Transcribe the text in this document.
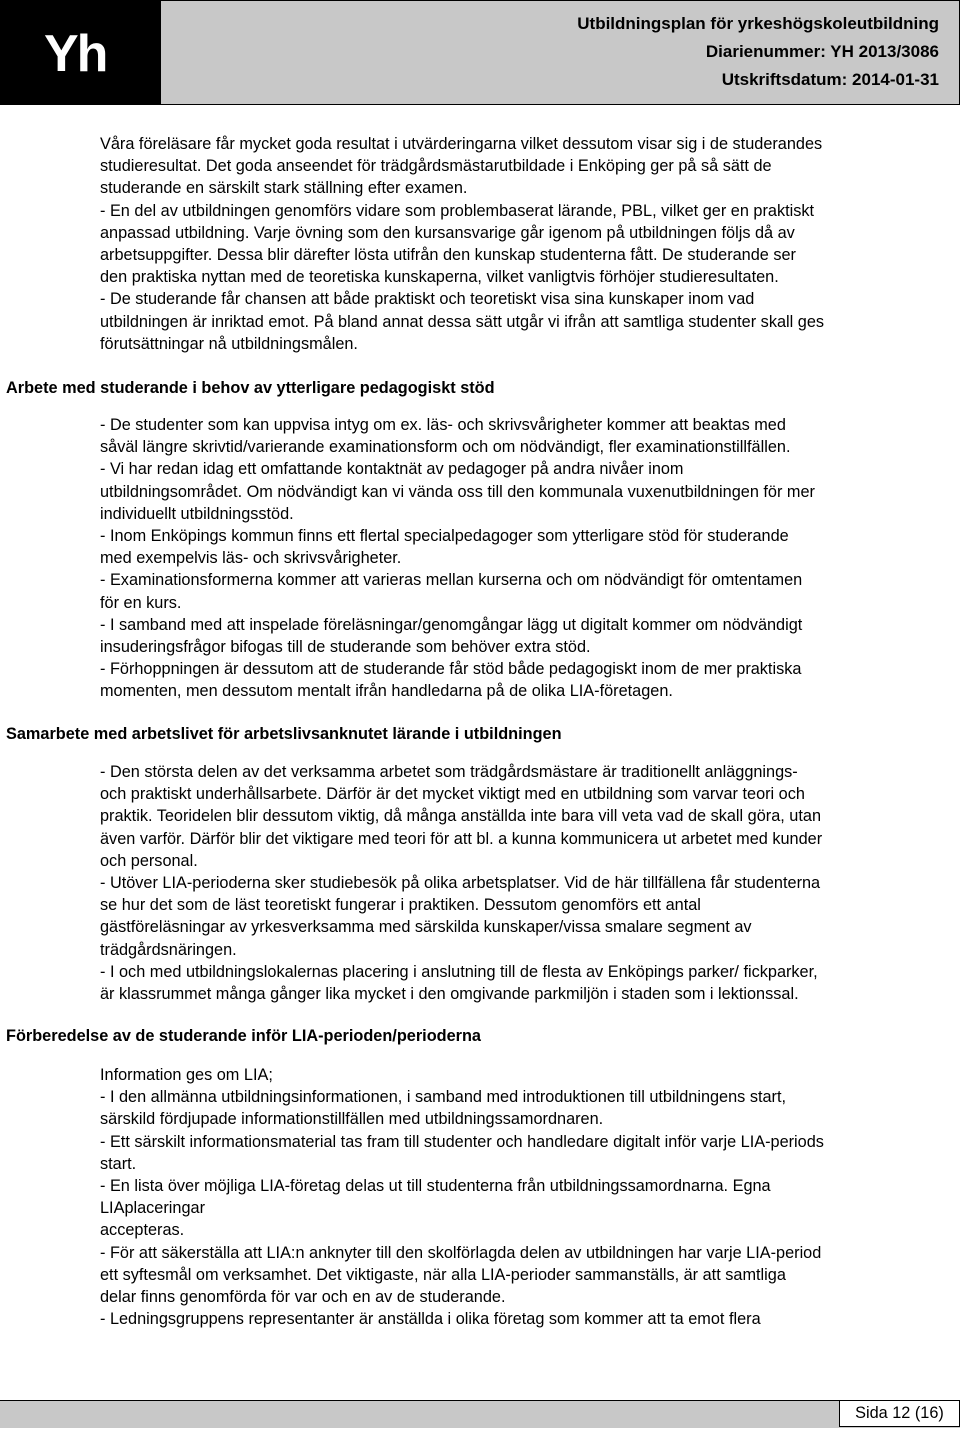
Yh
Utbildningsplan för yrkeshögskoleutbildning
Diarienummer: YH 2013/3086
Utskriftsdatum: 2014-01-31

Våra föreläsare får mycket goda resultat i utvärderingarna vilket dessutom visar sig i de studerandes

studieresultat. Det goda anseendet för trädgårdsmästarutbildade i Enköping ger på så sätt de

studerande en särskilt stark ställning efter examen.

- En del av utbildningen genomförs vidare som problembaserat lärande, PBL, vilket ger en praktiskt

anpassad utbildning. Varje övning som den kursansvarige går igenom på utbildningen följs då av

arbetsuppgifter. Dessa blir därefter lösta utifrån den kunskap studenterna fått. De studerande ser

den praktiska nyttan med de teoretiska kunskaperna, vilket vanligtvis förhöjer studieresultaten.

- De studerande får chansen att både praktiskt och teoretiskt visa sina kunskaper inom vad

utbildningen är inriktad emot. På bland annat dessa sätt utgår vi ifrån att samtliga studenter skall ges

förutsättningar nå utbildningsmålen.

Arbete med studerande i behov av ytterligare pedagogiskt stöd

- De studenter som kan uppvisa intyg om ex. läs- och skrivsvårigheter kommer att beaktas med

såväl längre skrivtid/varierande examinationsform och om nödvändigt, fler examinationstillfällen.

- Vi har redan idag ett omfattande kontaktnät av pedagoger på andra nivåer inom

utbildningsområdet. Om nödvändigt kan vi vända oss till den kommunala vuxenutbildningen för mer

individuellt utbildningsstöd.

- Inom Enköpings kommun finns ett flertal specialpedagoger som ytterligare stöd för studerande

med exempelvis läs- och skrivsvårigheter.

- Examinationsformerna kommer att varieras mellan kurserna och om nödvändigt för omtentamen

för en kurs.

- I samband med att inspelade föreläsningar/genomgångar lägg ut digitalt kommer om nödvändigt

insuderingsfrågor bifogas till de studerande som behöver extra stöd.

- Förhoppningen är dessutom att de studerande får stöd både pedagogiskt inom de mer praktiska

momenten, men dessutom mentalt ifrån handledarna på de olika LIA-företagen.

Samarbete med arbetslivet för arbetslivsanknutet lärande i utbildningen

- Den största delen av det verksamma arbetet som trädgårdsmästare är traditionellt anläggnings-

och praktiskt underhållsarbete. Därför är det mycket viktigt med en utbildning som varvar teori och

praktik. Teoridelen blir dessutom viktig, då många anställda inte bara vill veta vad de skall göra, utan

även varför. Därför blir det viktigare med teori för att bl. a kunna kommunicera ut arbetet med kunder

och personal.

- Utöver LIA-perioderna sker studiebesök på olika arbetsplatser. Vid de här tillfällena får studenterna

se hur det som de läst teoretiskt fungerar i praktiken. Dessutom genomförs ett antal

gästföreläsningar av yrkesverksamma med särskilda kunskaper/vissa smalare segment av

trädgårdsnäringen.

- I och med utbildningslokalernas placering i anslutning till de flesta av Enköpings parker/ fickparker,

är klassrummet många gånger lika mycket i den omgivande parkmiljön i staden som i lektionssal.

Förberedelse av de studerande inför LIA-perioden/perioderna

Information ges om LIA;

- I den allmänna utbildningsinformationen, i samband med introduktionen till utbildningens start,

särskild fördjupade informationstillfällen med utbildningssamordnaren.

- Ett särskilt informationsmaterial tas fram till studenter och handledare digitalt inför varje LIA-periods

start.

- En lista över möjliga LIA-företag delas ut till studenterna från utbildningssamordnarna. Egna

LIAplaceringar

accepteras.

- För att säkerställa att LIA:n anknyter till den skolförlagda delen av utbildningen har varje LIA-period

ett syftesmål om verksamhet. Det viktigaste, när alla LIA-perioder sammanställs, är att samtliga

delar finns genomförda för var och en av de studerande.

- Ledningsgruppens representanter är anställda i olika företag som kommer att ta emot flera

Sida 12 (16)
